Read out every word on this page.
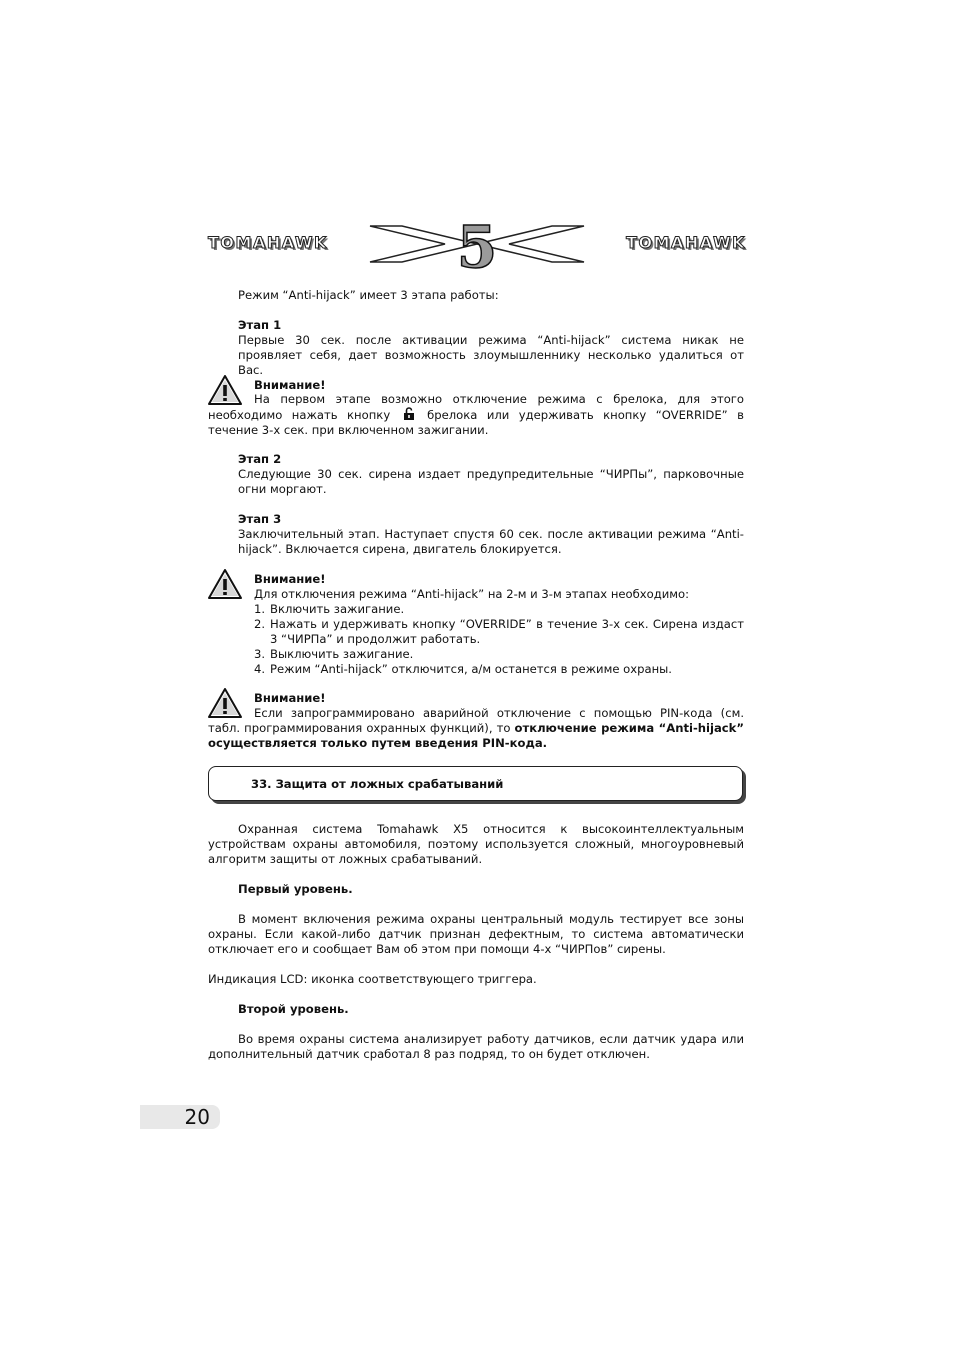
TOMAHAWK 5	TOMAHAWK
Режим “Anti-hijack” имеет 3 этапа работы:
Этап 1
Первые 30 сек. после активации режима “Anti-hijack” система никак не проявляет себя, дает возможность злоумышленнику несколько удалиться от Вас.
Внимание!
На первом этапе возможно отключение режима с брелока, для этого необходимо нажать кнопку	брелока или удерживать кнопку “OVERRIDE” в течение 3-х сек. при включенном зажигании.
Этап 2
Следующие 30 сек. сирена издает предупредительные “ЧИРПы”, парковочные огни моргают.
Этап 3
Заключительный этап. Наступает спустя 60 сек. после активации режима “Anti-hijack”. Включается сирена, двигатель блокируется.
Внимание!
Для отключения режима “Anti-hijack” на 2-м и 3-м этапах необходимо:
1. Включить зажигание.
2. Нажать и удерживать кнопку “OVERRIDE” в течение 3-х сек. Сирена издаст 3 “ЧИРПа” и продолжит работать.
3. Выключить зажигание.
4. Режим “Anti-hijack” отключится, а/м останется в режиме охраны.
Внимание!
Если запрограммировано аварийной отключение с помощью PIN-кода (см. табл. программирования охранных функций), то отключение режима “Anti-hijack” осуществляется только путем введения PIN-кода.
33. Защита от ложных срабатываний
Охранная система Tomahawk X5 относится к высокоинтеллектуальным устройствам охраны автомобиля, поэтому используется сложный, многоуровневый алгоритм защиты от ложных срабатываний.
Первый уровень.
В момент включения режима охраны центральный модуль тестирует все зоны охраны. Если какой-либо датчик признан дефектным, то система автоматически отключает его и сообщает Вам об этом при помощи 4-х “ЧИРПов” сирены.
Индикация LCD: иконка соответствующего триггера.
Второй уровень.
Во время охраны система анализирует работу датчиков, если датчик удара или дополнительный датчик сработал 8 раз подряд, то он будет отключен.
20
